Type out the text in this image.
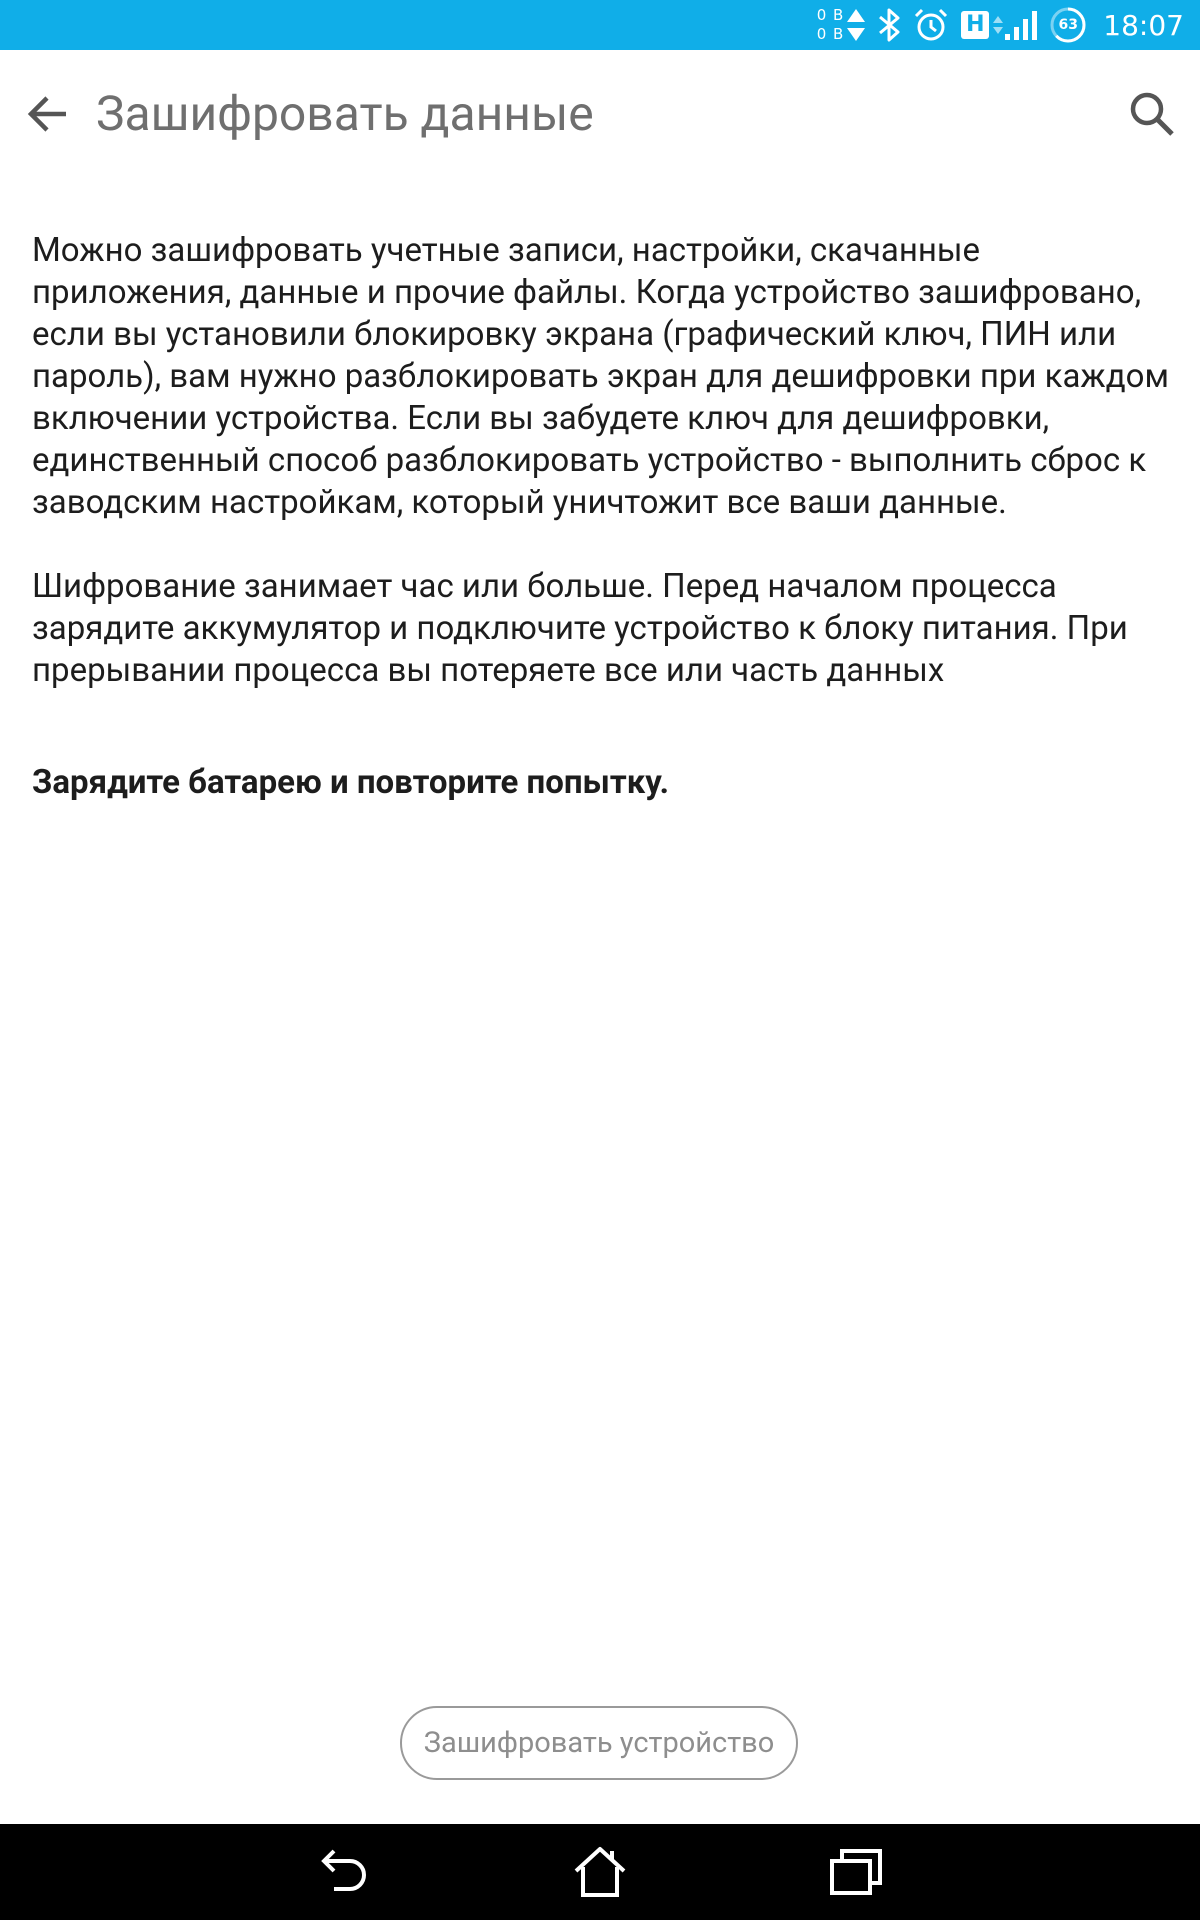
0 B
0 B	H	63 18:07
Зашифровать данные

Можно зашифровать учетные записи, настройки, скачанные приложения, данные и прочие файлы. Когда устройство зашифровано, если вы установили блокировку экрана (графический ключ, ПИН или пароль), вам нужно разблокировать экран для дешифровки при каждом включении устройства. Если вы забудете ключ для дешифровки, единственный способ разблокировать устройство - выполнить сброс к заводским настройкам, который уничтожит все ваши данные.

Шифрование занимает час или больше. Перед началом процесса зарядите аккумулятор и подключите устройство к блоку питания. При прерывании процесса вы потеряете все или часть данных

Зарядите батарею и повторите попытку.

Зашифровать устройство
